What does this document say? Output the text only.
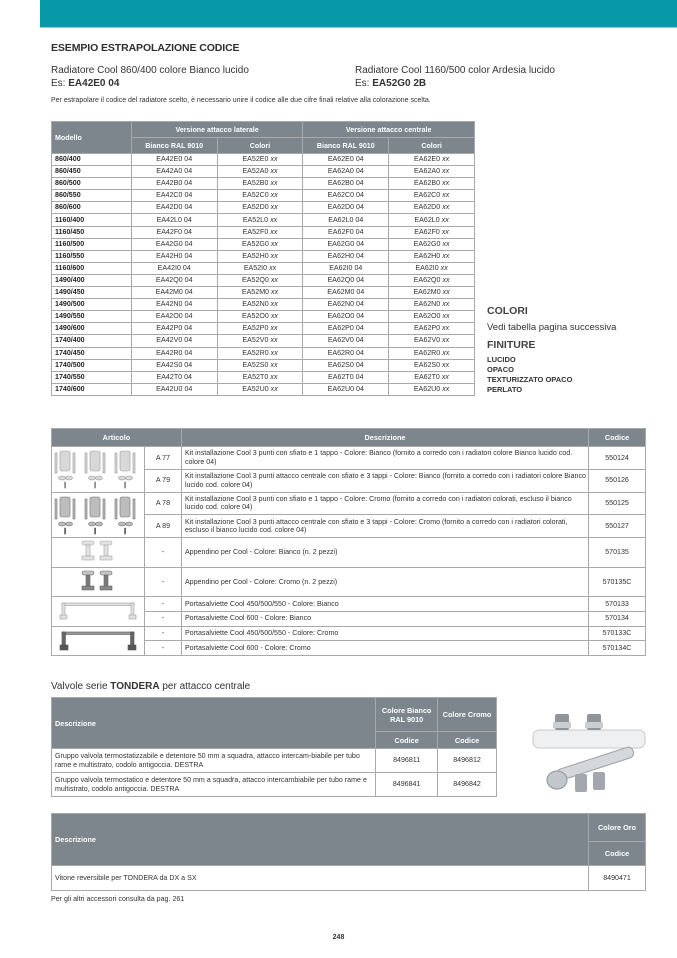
ESEMPIO ESTRAPOLAZIONE CODICE
Radiatore Cool 860/400 colore Bianco lucido
Es: EA42E0 04
Radiatore Cool 1160/500 color Ardesia lucido
Es: EA52G0 2B
Per estrapolare il codice del radiatore scelto, è necessario unire il codice alle due cifre finali relative alla colorazione scelta.
Modello	Versione attacco laterale		Versione attacco centrale	
	Bianco RAL 9010	Colori	Bianco RAL 9010	Colori
860/400	EA42E0 04	EA52E0 xx	EA62E0 04	EA62E0 xx
860/450	EA42A0 04	EA52A0 xx	EA62A0 04	EA62A0 xx
860/500	EA42B0 04	EA52B0 xx	EA62B0 04	EA62B0 xx
860/550	EA42C0 04	EA52C0 xx	EA62C0 04	EA62C0 xx
860/600	EA42D0 04	EA52D0 xx	EA62D0 04	EA62D0 xx
1160/400	EA42L0 04	EA52L0 xx	EA62L0 04	EA62L0 xx
1160/450	EA42F0 04	EA52F0 xx	EA62F0 04	EA62F0 xx
1160/500	EA42G0 04	EA52G0 xx	EA62G0 04	EA62G0 xx
1160/550	EA42H0 04	EA52H0 xx	EA62H0 04	EA62H0 xx
1160/600	EA42I0 04	EA52I0 xx	EA62I0 04	EA62I0 xx
1490/400	EA42Q0 04	EA52Q0 xx	EA62Q0 04	EA62Q0 xx
1490/450	EA42M0 04	EA52M0 xx	EA62M0 04	EA62M0 xx
1490/500	EA42N0 04	EA52N0 xx	EA62N0 04	EA62N0 xx
1490/550	EA42O0 04	EA52O0 xx	EA62O0 04	EA62O0 xx
1490/600	EA42P0 04	EA52P0 xx	EA62P0 04	EA62P0 xx
1740/400	EA42V0 04	EA52V0 xx	EA62V0 04	EA62V0 xx
1740/450	EA42R0 04	EA52R0 xx	EA62R0 04	EA62R0 xx
1740/500	EA42S0 04	EA52S0 xx	EA62S0 04	EA62S0 xx
1740/550	EA42T0 04	EA52T0 xx	EA62T0 04	EA62T0 xx
1740/600	EA42U0 04	EA52U0 xx	EA62U0 04	EA62U0 xx
COLORI
Vedi tabella pagina successiva
FINITURE
LUCIDO
OPACO
TEXTURIZZATO OPACO
PERLATO
Articolo		Descrizione	Codice
	A 77	Kit installazione Cool 3 punti con sfiato e 1 tappo - Colore: Bianco (fornito a corredo con i radiatori colore Bianco lucido cod. colore 04)	550124
	A 79	Kit installazione Cool 3 punti attacco centrale con sfiato e 3 tappi - Colore: Bianco (fornito a corredo con i radiatori colore Bianco lucido cod. colore 04)	550126
	A 78	Kit installazione Cool 3 punti con sfiato e 1 tappo - Colore: Cromo (fornito a corredo con i radiatori colorati, escluso il bianco lucido cod. colore 04)	550125
	A 89	Kit installazione Cool 3 punti attacco centrale con sfiato e 3 tappi - Colore: Cromo (fornito a corredo con i radiatori colorati, escluso il bianco lucido cod. colore 04)	550127
	-	Appendino per Cool - Colore: Bianco (n. 2 pezzi)	570135
	-	Appendino per Cool - Colore: Cromo (n. 2 pezzi)	570135C
	-	Portasalviette Cool 450/500/550 - Colore: Bianco	570133
	-	Portasalviette Cool 600 - Colore: Bianco	570134
	-	Portasalviette Cool 450/500/550 - Colore: Cromo	570133C
	-	Portasalviette Cool 600 - Colore: Cromo	570134C
Valvole serie TONDERA per attacco centrale
Descrizione	Colore Bianco RAL 9010	Colore Cromo
	Codice	Codice
Gruppo valvola termostatizzabile e detentore 50 mm a squadra, attacco intercam-biabile per tubo rame e multistrato, codolo antigoccia. DESTRA	8496811	8496812
Gruppo valvola termostatico e detentore 50 mm a squadra, attacco intercambiabile per tubo rame e multistrato, codolo antigoccia. DESTRA	8496841	8496842
Descrizione	Colore Oro
	Codice
Vitone reversibile per TONDERA da DX a SX	8490471
Per gli altri accessori consulta da pag. 261
248
